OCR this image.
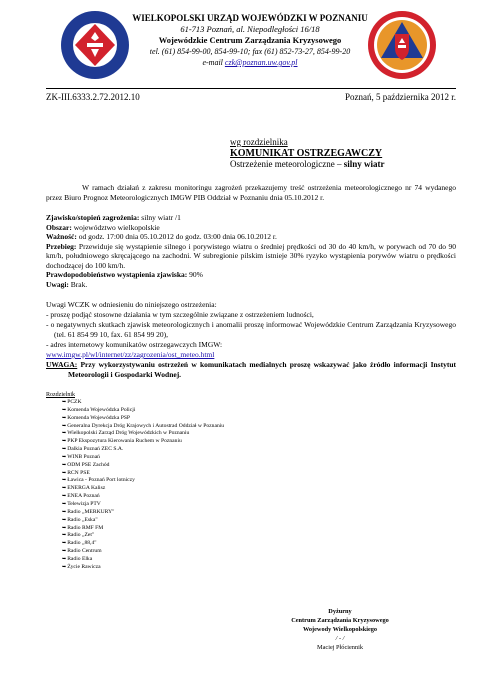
WIELKOPOLSKI URZĄD WOJEWÓDZKI W POZNANIU
61-713 Poznań, al. Niepodległości 16/18
Wojewódzkie Centrum Zarządzania Kryzysowego
tel. (61) 854-99-00, 854-99-10; fax (61) 852-73-27, 854-99-20
e-mail czk@poznan.uw.gov.pl
ZK-III.6333.2.72.2012.10	Poznań, 5 października 2012 r.
wg rozdzielnika
KOMUNIKAT OSTRZEGAWCZY
Ostrzeżenie meteorologiczne – silny wiatr

W ramach działań z zakresu monitoringu zagrożeń przekazujemy treść ostrzeżenia meteorologicznego nr 74 wydanego przez Biuro Prognoz Meteorologicznych IMGW PIB Oddział w Poznaniu dnia 05.10.2012 r.

Zjawisko/stopień zagrożenia: silny wiatr /1

Obszar: województwo wielkopolskie

Ważność: od godz. 17:00 dnia 05.10.2012 do godz. 03:00 dnia 06.10.2012 r.

Przebieg: Przewiduje się wystąpienie silnego i porywistego wiatru o średniej prędkości od 30 do 40 km/h, w porywach od 70 do 90 km/h, południowego skręcającego na zachodni. W subregionie pilskim istnieje 30% ryzyko wystąpienia porywów wiatru o prędkości dochodzącej do 100 km/h.

Prawdopodobieństwo wystąpienia zjawiska: 90%

Uwagi: Brak.

Uwagi WCZK w odniesieniu do niniejszego ostrzeżenia:
- proszę podjąć stosowne działania w tym szczególnie związane z ostrzeżeniem ludności,
- o negatywnych skutkach zjawisk meteorologicznych i anomalii proszę informować Wojewódzkie Centrum Zarządzania Kryzysowego (tel. 61 854 99 10, fax. 61 854 99 20),
- adres internetowy komunikatów ostrzegawczych IMGW:
www.imgw.pl/wl/internet/zz/zagrozenia/ost_meteo.html
UWAGA: Przy wykorzystywaniu ostrzeżeń w komunikatach medialnych proszę wskazywać jako źródło informacji Instytut Meteorologii i Gospodarki Wodnej.
Rozdzielnik
➥ PCZK
➥ Komenda Wojewódzka Policji
➥ Komenda Wojewódzka PSP
➥ Generalna Dyrekcja Dróg Krajowych i Autostrad Oddział w Poznaniu
➥ Wielkopolski Zarząd Dróg Wojewódzkich w Poznaniu
➥ PKP Ekspozytura Kierowania Ruchem w Poznaniu
➥ Dalkia Poznań ZEC S.A.
➥ WINB Poznań
➥ ODM PSE Zachód
➥ RCN PSE
➥ Ławica - Poznań Port lotniczy
➥ ENERGA Kalisz
➥ ENEA Poznań
➥ Telewizja PTV
➥ Radio „MERKURY"
➥ Radio „Eska"
➥ Radio RMF FM
➥ Radio „Zet"
➥ Radio „88,4"
➥ Radio Centrum
➥ Radio Elka
➥ Życie Rawicza
Dyżurny
Centrum Zarządzania Kryzysowego
Wojewody Wielkopolskiego
/ - /
Maciej Płóciennik
